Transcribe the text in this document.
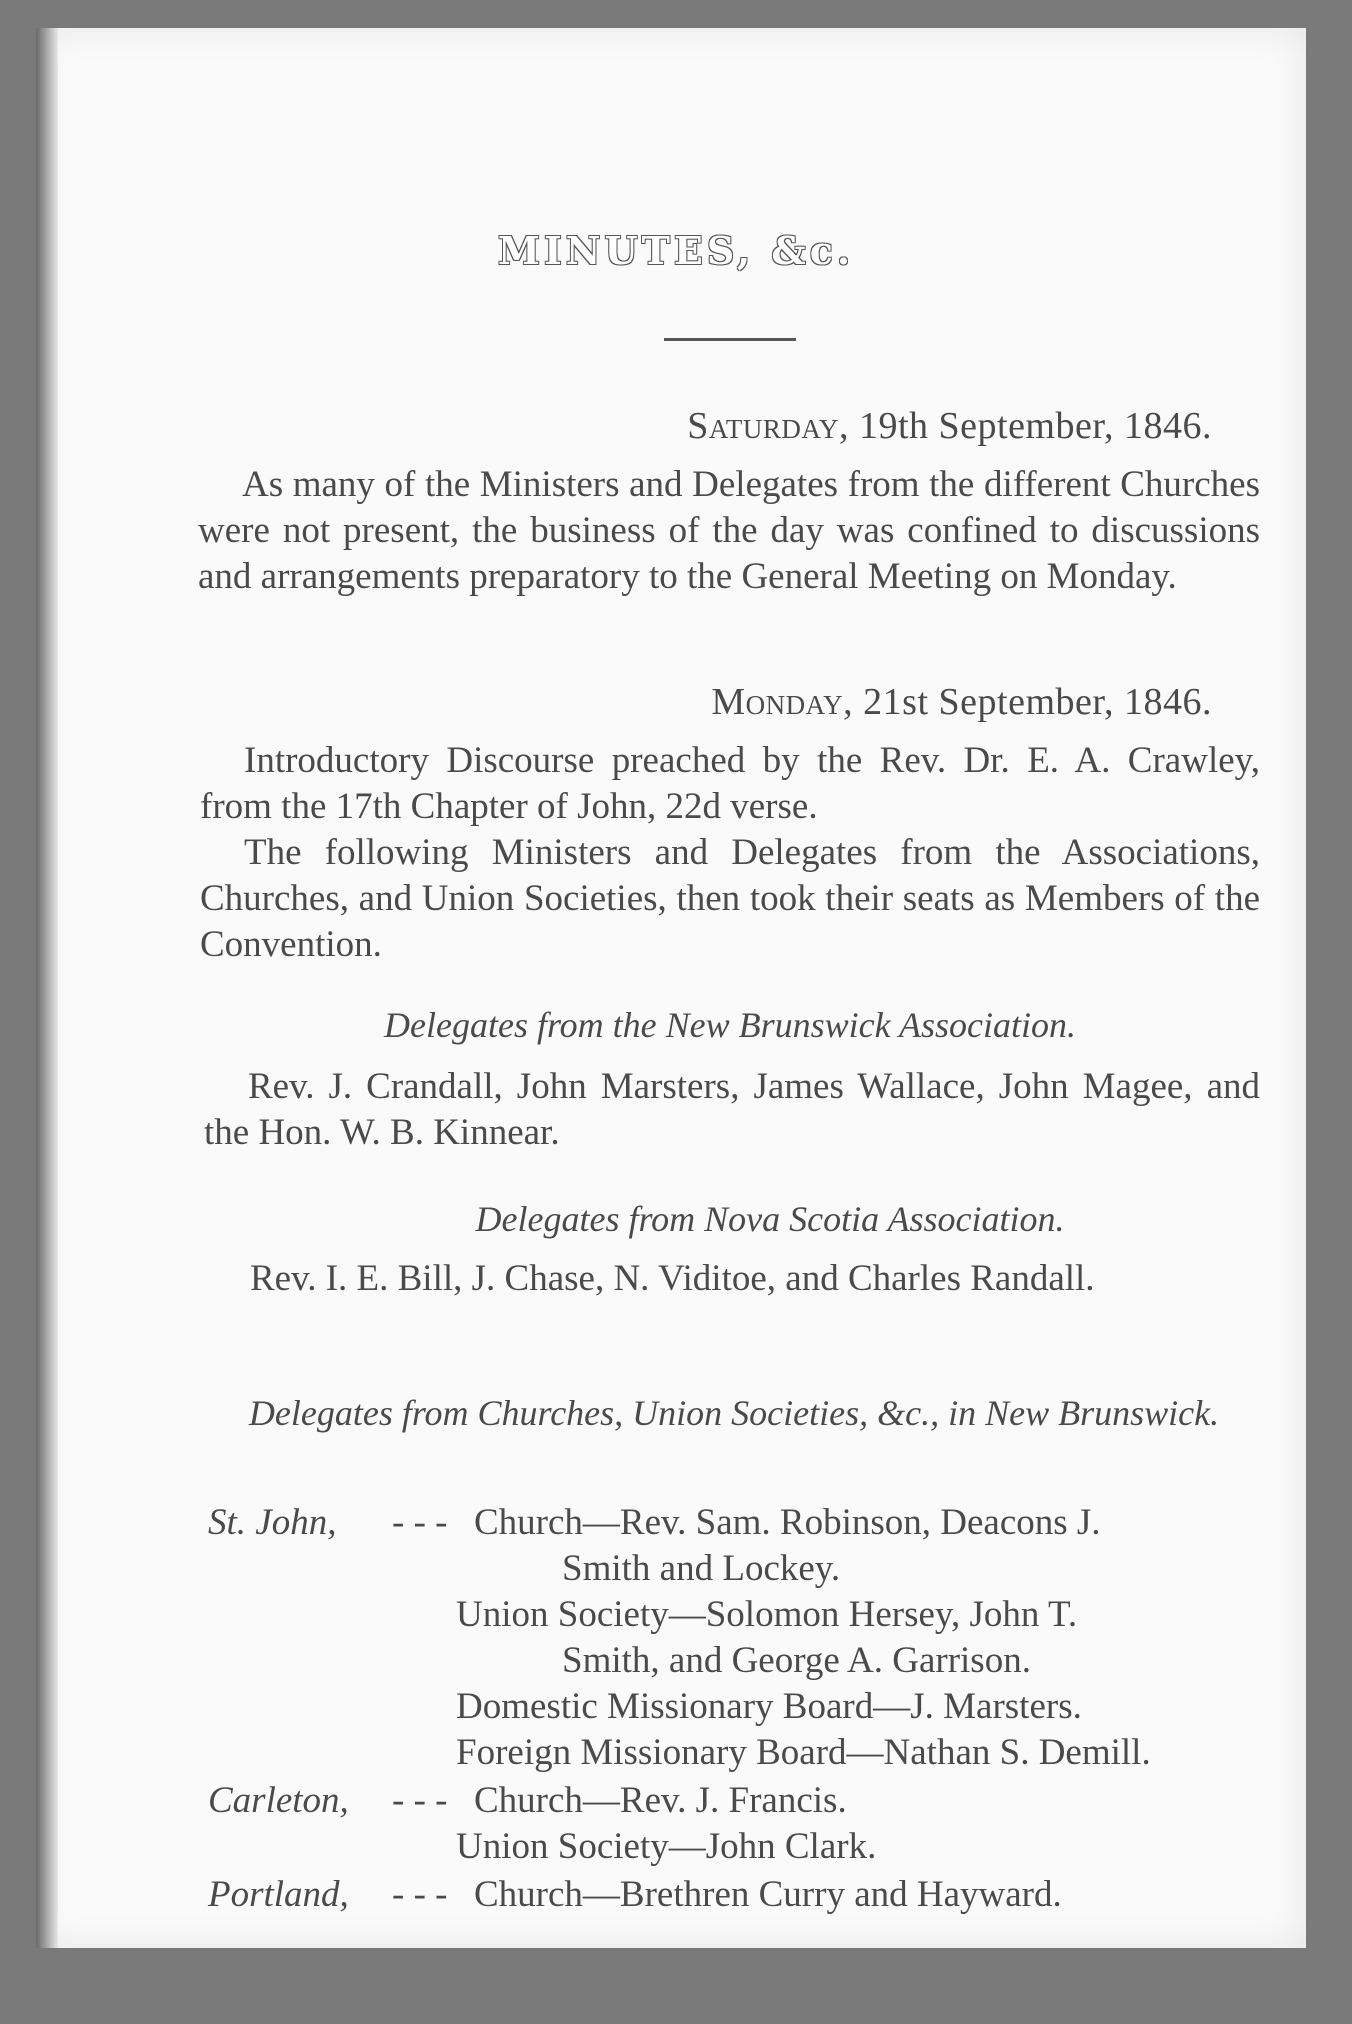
MINUTES, &c.
Saturday, 19th September, 1846.
As many of the Ministers and Delegates from the different Churches were not present, the business of the day was confined to discussions and arrangements preparatory to the General Meeting on Monday.
Monday, 21st September, 1846.
Introductory Discourse preached by the Rev. Dr. E. A. Crawley, from the 17th Chapter of John, 22d verse.
The following Ministers and Delegates from the Associations, Churches, and Union Societies, then took their seats as Members of the Convention.
Delegates from the New Brunswick Association.
Rev. J. Crandall, John Marsters, James Wallace, John Magee, and the Hon. W. B. Kinnear.
Delegates from Nova Scotia Association.
Rev. I. E. Bill, J. Chase, N. Viditoe, and Charles Randall.
Delegates from Churches, Union Societies, &c., in New Brunswick.
St. John, - - - Church—Rev. Sam. Robinson, Deacons J.
Smith and Lockey.
Union Society—Solomon Hersey, John T.
Smith, and George A. Garrison.
Domestic Missionary Board—J. Marsters.
Foreign Missionary Board—Nathan S. Demill.
Carleton, - - - Church—Rev. J. Francis.
Union Society—John Clark.
Portland, - - - Church—Brethren Curry and Hayward.
